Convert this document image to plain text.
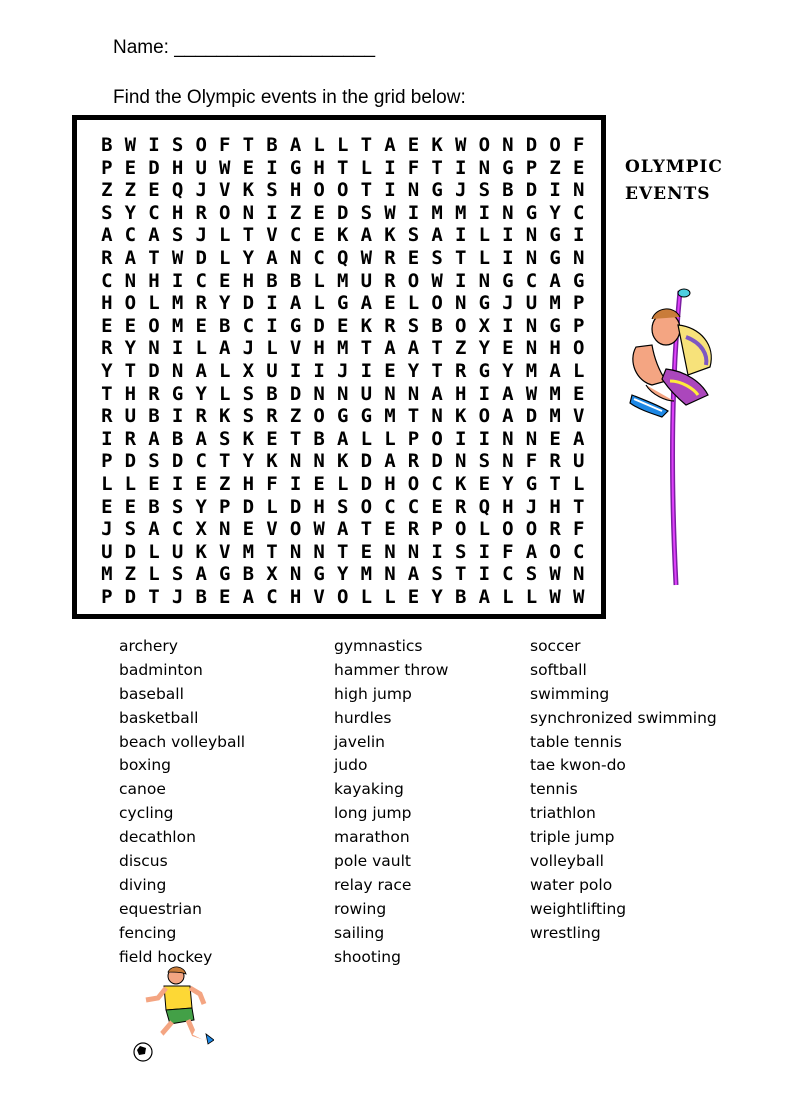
Name: ___________________
Find the Olympic events in the grid below:
B W I S O F T B A L L T A E K W O N D O F
P E D H U W E I G H T L I F T I N G P Z E
Z Z E Q J V K S H O O T I N G J S B D I N
S Y C H R O N I Z E D S W I M M I N G Y C
A C A S J L T V C E K A K S A I L I N G I
R A T W D L Y A N C Q W R E S T L I N G N
C N H I C E H B B L M U R O W I N G C A G
H O L M R Y D I A L G A E L O N G J U M P
E E O M E B C I G D E K R S B O X I N G P
R Y N I L A J L V H M T A A T Z Y E N H O
Y T D N A L X U I I J I E Y T R G Y M A L
T H R G Y L S B D N N U N N A H I A W M E
R U B I R K S R Z O G G M T N K O A D M V
I R A B A S K E T B A L L P O I I N N E A
P D S D C T Y K N N K D A R D N S N F R U
L L E I E Z H F I E L D H O C K E Y G T L
E E B S Y P D L D H S O C C E R Q H J H T
J S A C X N E V O W A T E R P O L O O R F
U D L U K V M T N N T E N N I S I F A O C
M Z L S A G B X N G Y M N A S T I C S W N
P D T J B E A C H V O L L E Y B A L L W W
OLYMPIC
EVENTS
archery
badminton
baseball
basketball
beach volleyball
boxing
canoe
cycling
decathlon
discus
diving
equestrian
fencing
field hockey
gymnastics
hammer throw
high jump
hurdles
javelin
judo
kayaking
long jump
marathon
pole vault
relay race
rowing
sailing
shooting
soccer
softball
swimming
synchronized swimming
table tennis
tae kwon-do
tennis
triathlon
triple jump
volleyball
water polo
weightlifting
wrestling
